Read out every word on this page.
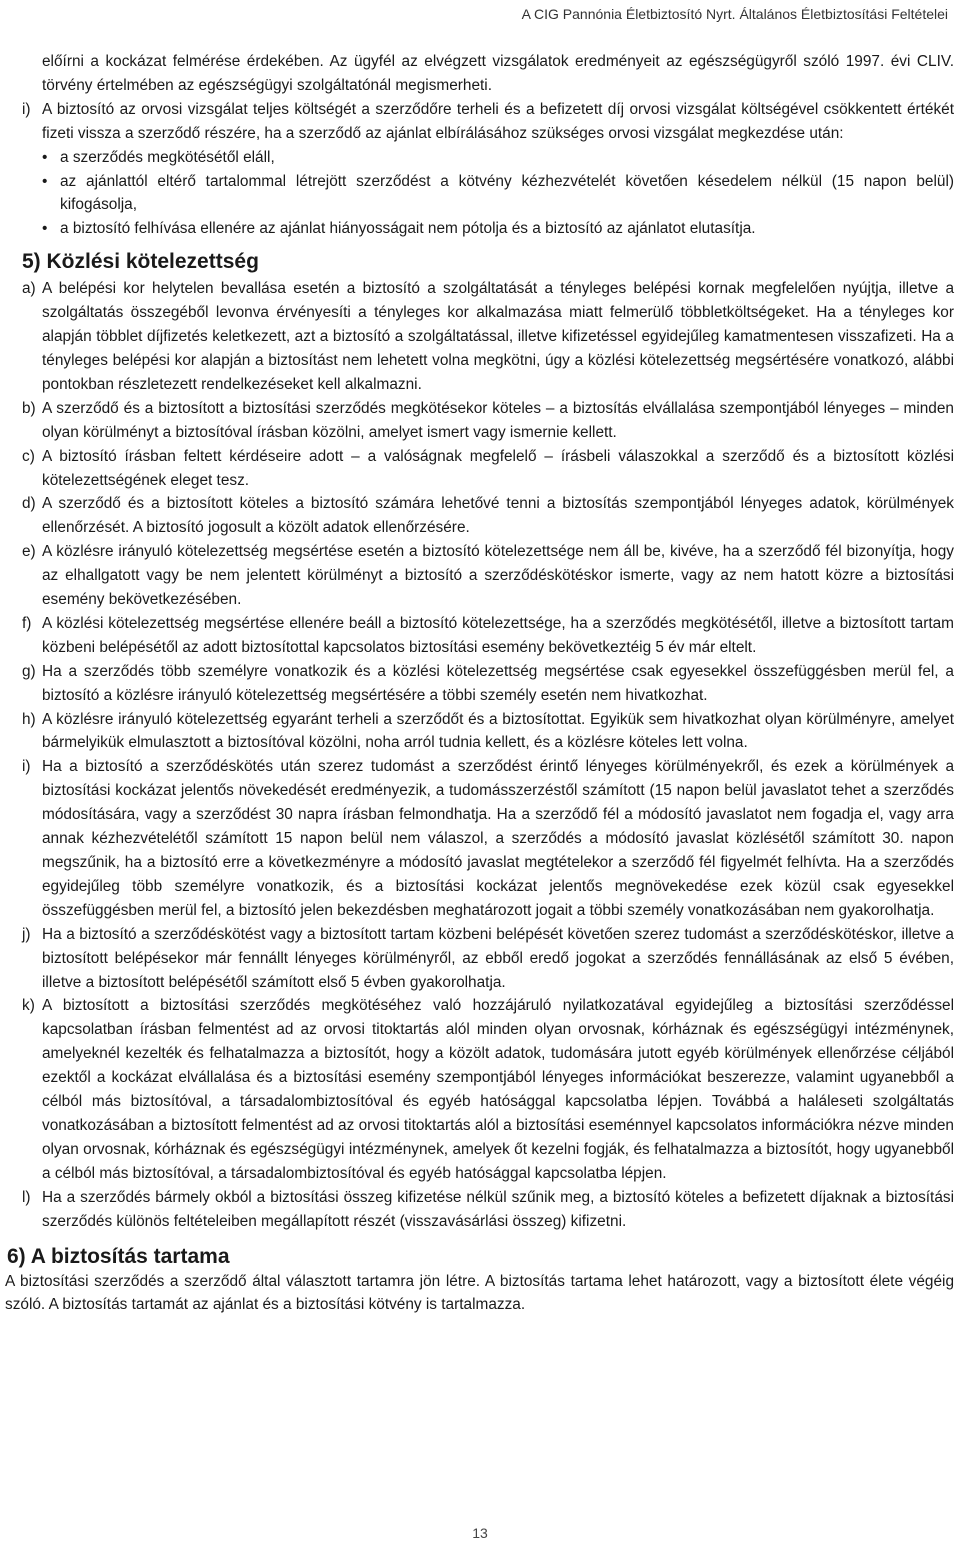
A CIG Pannónia Életbiztosító Nyrt. Általános Életbiztosítási Feltételei

előírni a kockázat felmérése érdekében. Az ügyfél az elvégzett vizsgálatok eredményeit az egészségügyről szóló 1997. évi CLIV. törvény értelmében az egészségügyi szolgáltatónál megismerheti.

i) A biztosító az orvosi vizsgálat teljes költségét a szerződőre terheli és a befizetett díj orvosi vizsgálat költségével csökkentett értékét fizeti vissza a szerződő részére, ha a szerződő az ajánlat elbírálásához szükséges orvosi vizsgálat megkezdése után:
• a szerződés megkötésétől eláll,
• az ajánlattól eltérő tartalommal létrejött szerződést a kötvény kézhezvételét követően késedelem nélkül (15 napon belül) kifogásolja,
• a biztosító felhívása ellenére az ajánlat hiányosságait nem pótolja és a biztosító az ajánlatot elutasítja.
5) Közlési kötelezettség
a) A belépési kor helytelen bevallása esetén a biztosító a szolgáltatását a tényleges belépési kornak megfelelően nyújtja, illetve a szolgáltatás összegéből levonva érvényesíti a tényleges kor alkalmazása miatt felmerülő többletköltségeket. Ha a tényleges kor alapján többlet díjfizetés keletkezett, azt a biztosító a szolgáltatással, illetve kifizetéssel egyidejűleg kamatmentesen visszafizeti. Ha a tényleges belépési kor alapján a biztosítást nem lehetett volna megkötni, úgy a közlési kötelezettség megsértésére vonatkozó, alábbi pontokban részletezett rendelkezéseket kell alkalmazni.
b) A szerződő és a biztosított a biztosítási szerződés megkötésekor köteles – a biztosítás elvállalása szempontjából lényeges – minden olyan körülményt a biztosítóval írásban közölni, amelyet ismert vagy ismernie kellett.
c) A biztosító írásban feltett kérdéseire adott – a valóságnak megfelelő – írásbeli válaszokkal a szerződő és a biztosított közlési kötelezettségének eleget tesz.
d) A szerződő és a biztosított köteles a biztosító számára lehetővé tenni a biztosítás szempontjából lényeges adatok, körülmények ellenőrzését. A biztosító jogosult a közölt adatok ellenőrzésére.
e) A közlésre irányuló kötelezettség megsértése esetén a biztosító kötelezettsége nem áll be, kivéve, ha a szerződő fél bizonyítja, hogy az elhallgatott vagy be nem jelentett körülményt a biztosító a szerződéskötéskor ismerte, vagy az nem hatott közre a biztosítási esemény bekövetkezésében.
f) A közlési kötelezettség megsértése ellenére beáll a biztosító kötelezettsége, ha a szerződés megkötésétől, illetve a biztosított tartam közbeni belépésétől az adott biztosítottal kapcsolatos biztosítási esemény bekövetkeztéig 5 év már eltelt.
g) Ha a szerződés több személyre vonatkozik és a közlési kötelezettség megsértése csak egyesekkel összefüggésben merül fel, a biztosító a közlésre irányuló kötelezettség megsértésére a többi személy esetén nem hivatkozhat.
h) A közlésre irányuló kötelezettség egyaránt terheli a szerződőt és a biztosítottat. Egyikük sem hivatkozhat olyan körülményre, amelyet bármelyikük elmulasztott a biztosítóval közölni, noha arról tudnia kellett, és a közlésre köteles lett volna.
i) Ha a biztosító a szerződéskötés után szerez tudomást a szerződést érintő lényeges körülményekről, és ezek a körülmények a biztosítási kockázat jelentős növekedését eredményezik, a tudomásszerzéstől számított (15 napon belül javaslatot tehet a szerződés módosítására, vagy a szerződést 30 napra írásban felmondhatja. Ha a szerződő fél a módosító javaslatot nem fogadja el, vagy arra annak kézhezvételétől számított 15 napon belül nem válaszol, a szerződés a módosító javaslat közlésétől számított 30. napon megszűnik, ha a biztosító erre a következményre a módosító javaslat megtételekor a szerződő fél figyelmét felhívta. Ha a szerződés egyidejűleg több személyre vonatkozik, és a biztosítási kockázat jelentős megnövekedése ezek közül csak egyesekkel összefüggésben merül fel, a biztosító jelen bekezdésben meghatározott jogait a többi személy vonatkozásában nem gyakorolhatja.
j) Ha a biztosító a szerződéskötést vagy a biztosított tartam közbeni belépését követően szerez tudomást a szerződéskötéskor, illetve a biztosított belépésekor már fennállt lényeges körülményről, az ebből eredő jogokat a szerződés fennállásának az első 5 évében, illetve a biztosított belépésétől számított első 5 évben gyakorolhatja.
k) A biztosított a biztosítási szerződés megkötéséhez való hozzájáruló nyilatkozatával egyidejűleg a biztosítási szerződéssel kapcsolatban írásban felmentést ad az orvosi titoktartás alól minden olyan orvosnak, kórháznak és egészségügyi intézménynek, amelyeknél kezelték és felhatalmazza a biztosítót, hogy a közölt adatok, tudomására jutott egyéb körülmények ellenőrzése céljából ezektől a kockázat elvállalása és a biztosítási esemény szempontjából lényeges információkat beszerezze, valamint ugyanebből a célból más biztosítóval, a társadalombiztosítóval és egyéb hatósággal kapcsolatba lépjen. Továbbá a haláleseti szolgáltatás vonatkozásában a biztosított felmentést ad az orvosi titoktartás alól a biztosítási eseménnyel kapcsolatos információkra nézve minden olyan orvosnak, kórháznak és egészségügyi intézménynek, amelyek őt kezelni fogják, és felhatalmazza a biztosítót, hogy ugyanebből a célból más biztosítóval, a társadalombiztosítóval és egyéb hatósággal kapcsolatba lépjen.
l) Ha a szerződés bármely okból a biztosítási összeg kifizetése nélkül szűnik meg, a biztosító köteles a befizetett díjaknak a biztosítási szerződés különös feltételeiben megállapított részét (visszavásárlási összeg) kifizetni.
6) A biztosítás tartama

A biztosítási szerződés a szerződő által választott tartamra jön létre. A biztosítás tartama lehet határozott, vagy a biztosított élete végéig szóló. A biztosítás tartamát az ajánlat és a biztosítási kötvény is tartalmazza.

13
